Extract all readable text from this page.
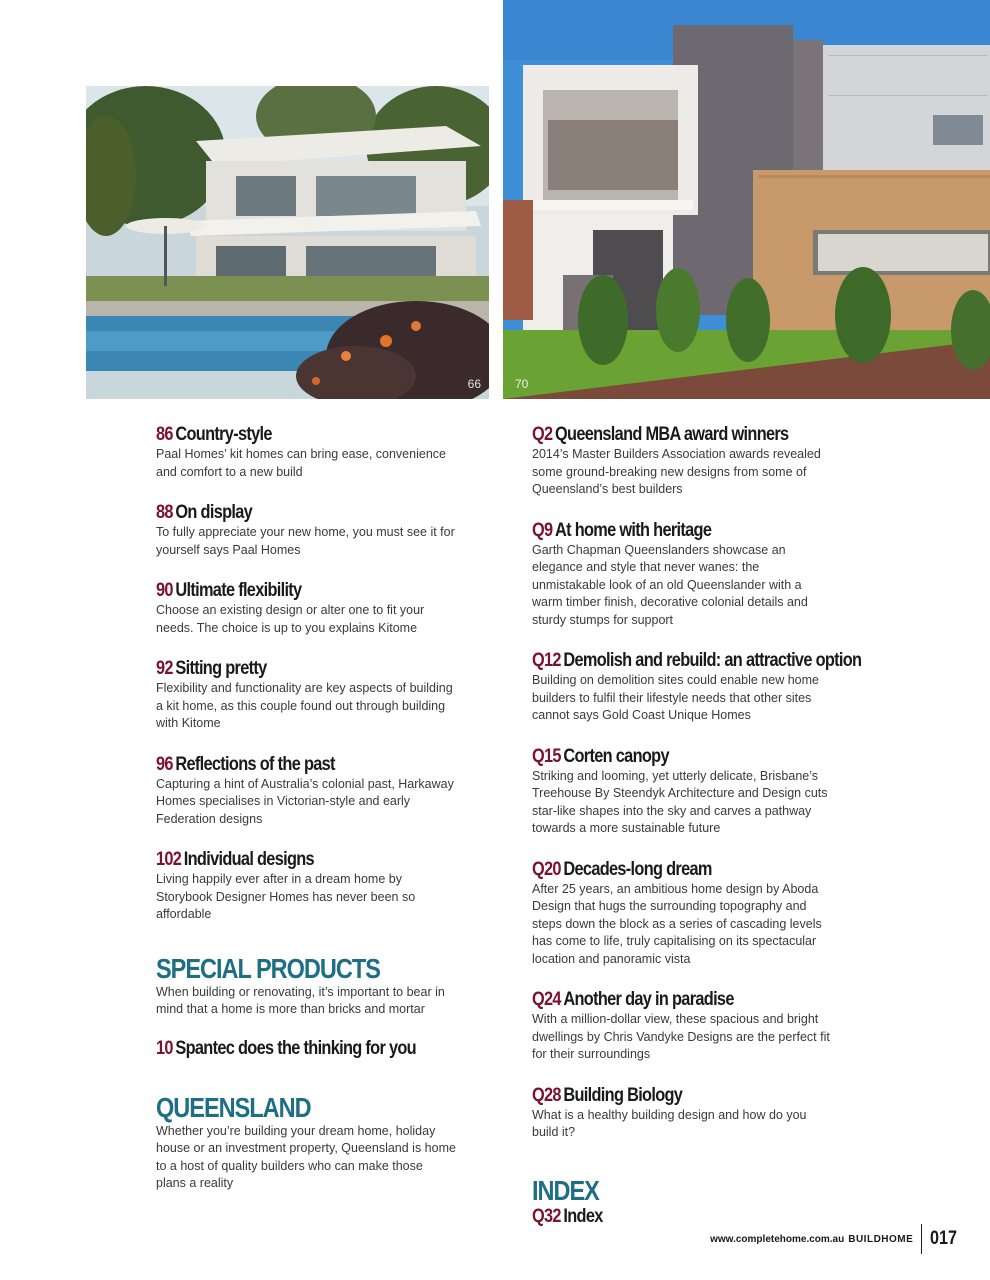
66	70
86 Country-style

Paal Homes’ kit homes can bring ease, convenience and comfort to a new build

88 On display

To fully appreciate your new home, you must see it for yourself says Paal Homes

90 Ultimate flexibility

Choose an existing design or alter one to fit your needs. The choice is up to you explains Kitome

92 Sitting pretty

Flexibility and functionality are key aspects of building a kit home, as this couple found out through building with Kitome

96 Reflections of the past

Capturing a hint of Australia’s colonial past, Harkaway Homes specialises in Victorian-style and early Federation designs

102 Individual designs

Living happily ever after in a dream home by Storybook Designer Homes has never been so affordable

SPECIAL PRODUCTS

When building or renovating, it’s important to bear in mind that a home is more than bricks and mortar

10 Spantec does the thinking for you
QUEENSLAND

Whether you’re building your dream home, holiday house or an investment property, Queensland is home to a host of quality builders who can make those plans a reality

Q2 Queensland MBA award winners

2014’s Master Builders Association awards revealed some ground-breaking new designs from some of Queensland’s best builders

Q9 At home with heritage

Garth Chapman Queenslanders showcase an elegance and style that never wanes: the unmistakable look of an old Queenslander with a warm timber finish, decorative colonial details and sturdy stumps for support

Q12 Demolish and rebuild: an attractive option

Building on demolition sites could enable new home builders to fulfil their lifestyle needs that other sites cannot says Gold Coast Unique Homes

Q15 Corten canopy

Striking and looming, yet utterly delicate, Brisbane’s Treehouse By Steendyk Architecture and Design cuts star-like shapes into the sky and carves a pathway towards a more sustainable future

Q20 Decades-long dream

After 25 years, an ambitious home design by Aboda Design that hugs the surrounding topography and steps down the block as a series of cascading levels has come to life, truly capitalising on its spectacular location and panoramic vista

Q24 Another day in paradise

With a million-dollar view, these spacious and bright dwellings by Chris Vandyke Designs are the perfect fit for their surroundings

Q28 Building Biology

What is a healthy building design and how do you build it?

INDEX
Q32 Index
www.completehome.com.au BUILDHOME 017
